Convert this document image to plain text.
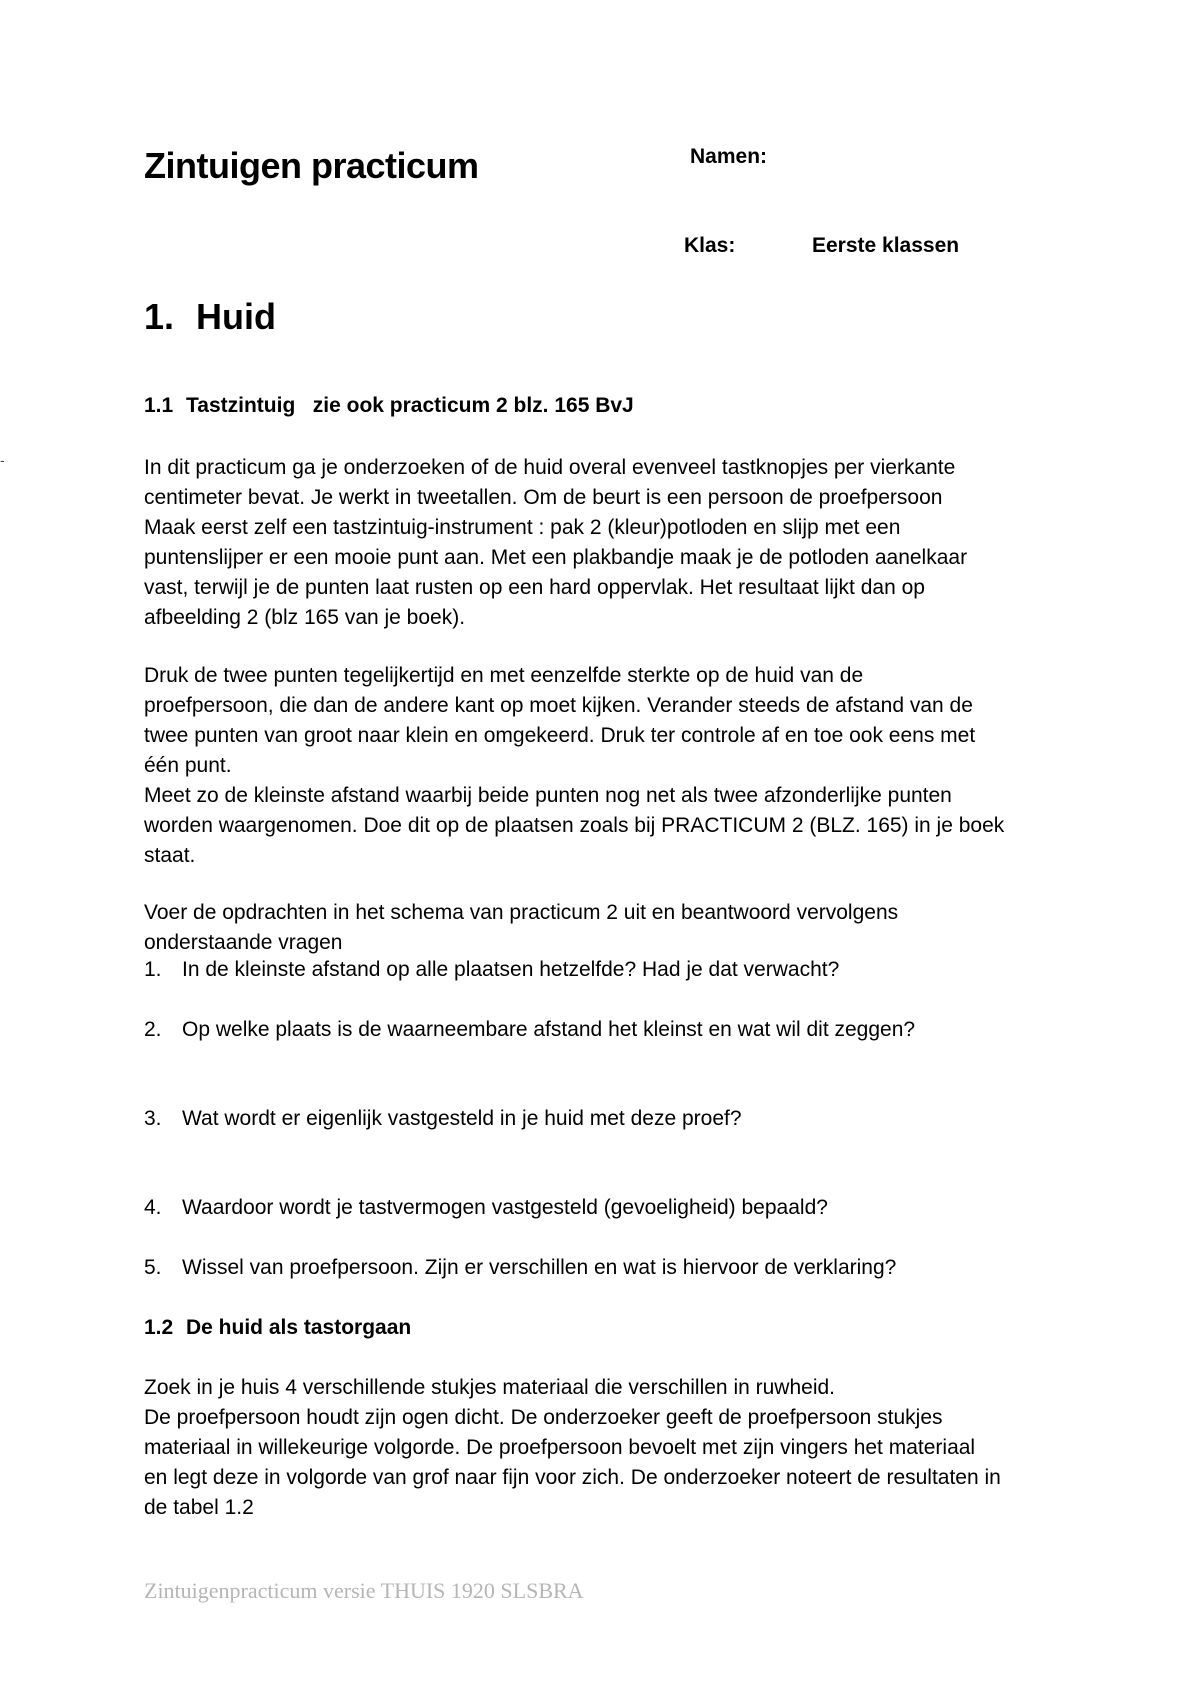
Zintuigen practicum	Namen:
Klas:	Eerste klassen
1. Huid
1.1 Tastzintuig   zie ook practicum 2 blz. 165 BvJ
-	In dit practicum ga je onderzoeken of de huid overal evenveel tastknopjes per vierkante
centimeter bevat. Je werkt in tweetallen. Om de beurt is een persoon de proefpersoon
Maak eerst zelf een tastzintuig-instrument : pak 2 (kleur)potloden en slijp met een
puntenslijper er een mooie punt aan. Met een plakbandje maak je de potloden aanelkaar
vast, terwijl je de punten laat rusten op een hard oppervlak. Het resultaat lijkt dan op
afbeelding 2 (blz 165 van je boek).
Druk de twee punten tegelijkertijd en met eenzelfde sterkte op de huid van de
proefpersoon, die dan de andere kant op moet kijken. Verander steeds de afstand van de
twee punten van groot naar klein en omgekeerd. Druk ter controle af en toe ook eens met
één punt.
Meet zo de kleinste afstand waarbij beide punten nog net als twee afzonderlijke punten
worden waargenomen. Doe dit op de plaatsen zoals bij PRACTICUM 2 (BLZ. 165) in je boek
staat.
Voer de opdrachten in het schema van practicum 2 uit en beantwoord vervolgens
onderstaande vragen
1. In de kleinste afstand op alle plaatsen hetzelfde? Had je dat verwacht?
2. Op welke plaats is de waarneembare afstand het kleinst en wat wil dit zeggen?
3. Wat wordt er eigenlijk vastgesteld in je huid met deze proef?
4. Waardoor wordt je tastvermogen vastgesteld (gevoeligheid) bepaald?
5. Wissel van proefpersoon. Zijn er verschillen en wat is hiervoor de verklaring?
1.2 De huid als tastorgaan
Zoek in je huis 4 verschillende stukjes materiaal die verschillen in ruwheid.
De proefpersoon houdt zijn ogen dicht. De onderzoeker geeft de proefpersoon stukjes
materiaal in willekeurige volgorde. De proefpersoon bevoelt met zijn vingers het materiaal
en legt deze in volgorde van grof naar fijn voor zich. De onderzoeker noteert de resultaten in
de tabel 1.2
Zintuigenpracticum versie THUIS 1920 SLSBRA
